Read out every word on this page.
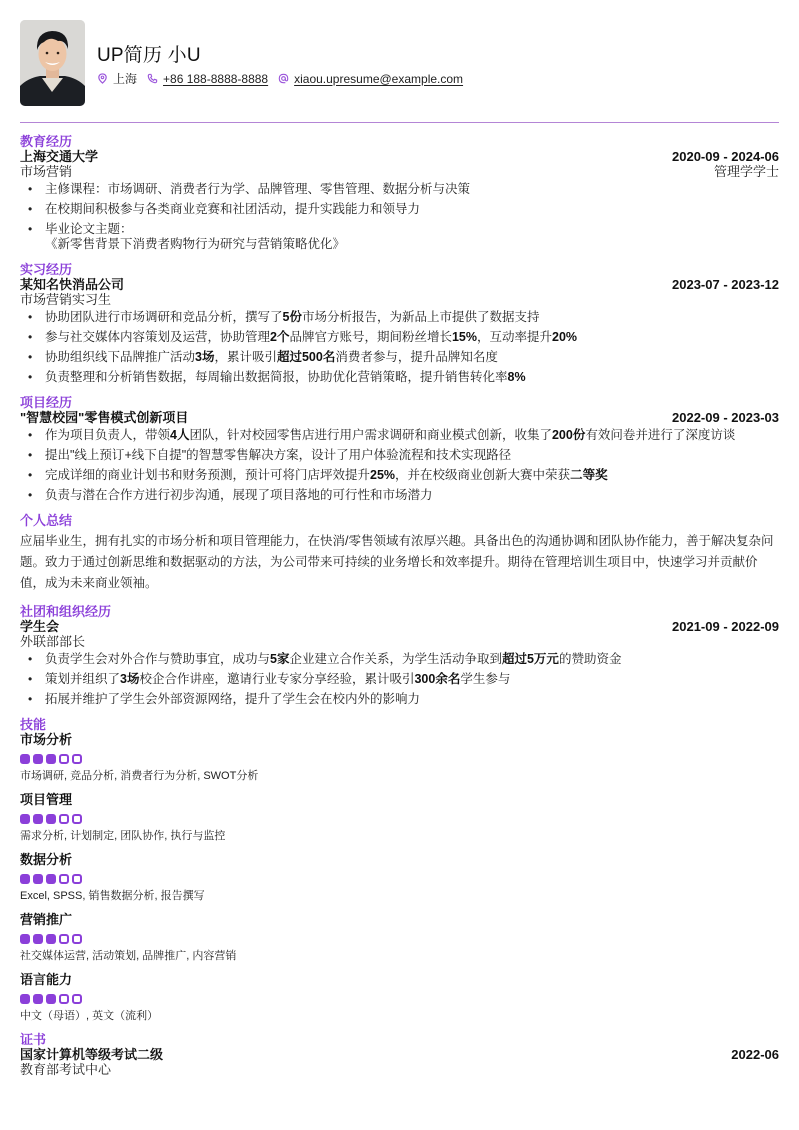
UP简历 小U
上海 +86 188-8888-8888 xiaou.upresume@example.com
教育经历
上海交通大学	2020-09 - 2024-06
市场营销	管理学学士
• 主修课程：市场调研、消费者行为学、品牌管理、零售管理、数据分析与决策
• 在校期间积极参与各类商业竞赛和社团活动，提升实践能力和领导力
• 毕业论文主题：
《新零售背景下消费者购物行为研究与营销策略优化》
实习经历
某知名快消品公司	2023-07 - 2023-12
市场营销实习生
• 协助团队进行市场调研和竞品分析，撰写了5份市场分析报告，为新品上市提供了数据支持
• 参与社交媒体内容策划及运营，协助管理2个品牌官方账号，期间粉丝增长15%，互动率提升20%
• 协助组织线下品牌推广活动3场，累计吸引超过500名消费者参与，提升品牌知名度
• 负责整理和分析销售数据，每周输出数据简报，协助优化营销策略，提升销售转化率8%
项目经历
"智慧校园"零售模式创新项目	2022-09 - 2023-03
• 作为项目负责人，带领4人团队，针对校园零售店进行用户需求调研和商业模式创新，收集了200份有效问卷并进行了深度访谈
• 提出"线上预订+线下自提"的智慧零售解决方案，设计了用户体验流程和技术实现路径
• 完成详细的商业计划书和财务预测，预计可将门店坪效提升25%，并在校级商业创新大赛中荣获二等奖
• 负责与潜在合作方进行初步沟通，展现了项目落地的可行性和市场潜力
个人总结
应届毕业生，拥有扎实的市场分析和项目管理能力，在快消/零售领域有浓厚兴趣。具备出色的沟通协调和团队协作能力，善于解决复杂问题。致力于通过创新思维和数据驱动的方法，为公司带来可持续的业务增长和效率提升。期待在管理培训生项目中，快速学习并贡献价值，成为未来商业领袖。
社团和组织经历
学生会	2021-09 - 2022-09
外联部部长
• 负责学生会对外合作与赞助事宜，成功与5家企业建立合作关系，为学生活动争取到超过5万元的赞助资金
• 策划并组织了3场校企合作讲座，邀请行业专家分享经验，累计吸引300余名学生参与
• 拓展并维护了学生会外部资源网络，提升了学生会在校内外的影响力
技能
市场分析
市场调研, 竞品分析, 消费者行为分析, SWOT分析
项目管理
需求分析, 计划制定, 团队协作, 执行与监控
数据分析
Excel, SPSS, 销售数据分析, 报告撰写
营销推广
社交媒体运营, 活动策划, 品牌推广, 内容营销
语言能力
中文（母语）, 英文（流利）
证书
国家计算机等级考试二级	2022-06
教育部考试中心
